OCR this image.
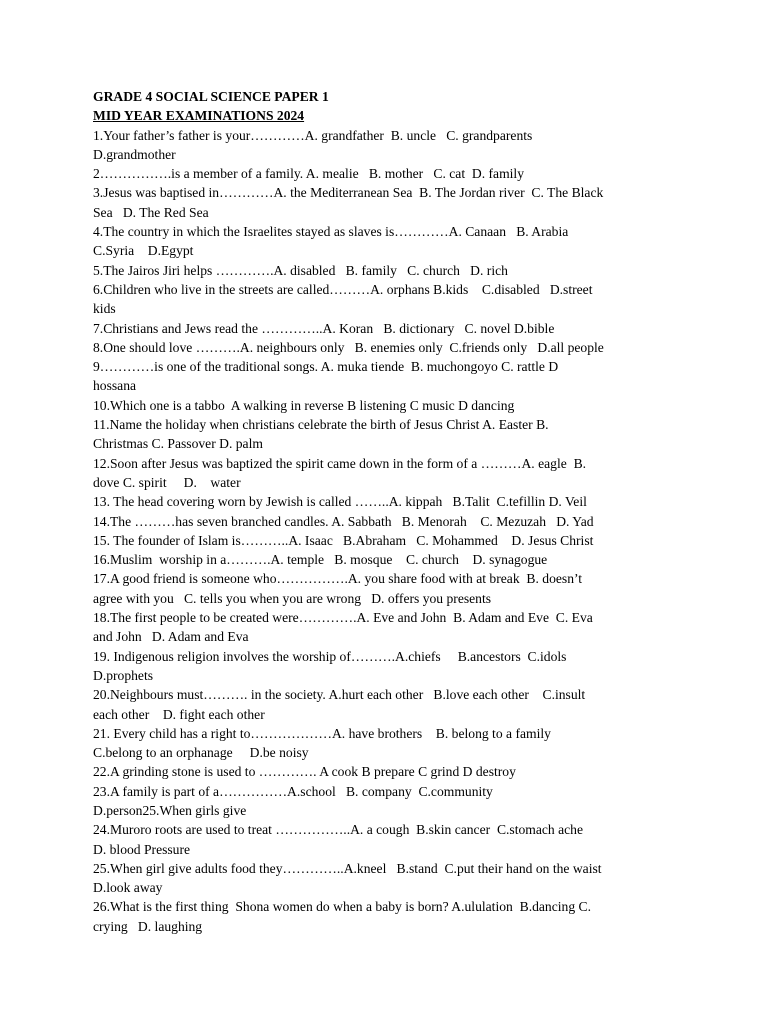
GRADE 4 SOCIAL SCIENCE PAPER 1
MID YEAR EXAMINATIONS 2024
1.Your father’s father is your…………A. grandfather  B. uncle   C. grandparents
D.grandmother
2…………….is a member of a family. A. mealie   B. mother   C. cat  D. family
3.Jesus was baptised in…………A. the Mediterranean Sea  B. The Jordan river  C. The Black
Sea   D. The Red Sea
4.The country in which the Israelites stayed as slaves is…………A. Canaan   B. Arabia
C.Syria    D.Egypt
5.The Jairos Jiri helps ………….A. disabled   B. family   C. church   D. rich
6.Children who live in the streets are called………A. orphans B.kids    C.disabled   D.street
kids
7.Christians and Jews read the …………..A. Koran   B. dictionary   C. novel D.bible
8.One should love ……….A. neighbours only   B. enemies only  C.friends only   D.all people
9…………is one of the traditional songs. A. muka tiende  B. muchongoyo C. rattle D
hossana
10.Which one is a tabbo  A walking in reverse B listening C music D dancing
11.Name the holiday when christians celebrate the birth of Jesus Christ A. Easter B.
Christmas C. Passover D. palm
12.Soon after Jesus was baptized the spirit came down in the form of a ………A. eagle  B.
dove C. spirit     D.    water
13. The head covering worn by Jewish is called ……..A. kippah   B.Talit  C.tefillin D. Veil
14.The ………has seven branched candles. A. Sabbath   B. Menorah    C. Mezuzah   D. Yad
15. The founder of Islam is………..A. Isaac   B.Abraham   C. Mohammed    D. Jesus Christ
16.Muslim  worship in a……….A. temple   B. mosque    C. church    D. synagogue
17.A good friend is someone who…………….A. you share food with at break  B. doesn’t
agree with you   C. tells you when you are wrong   D. offers you presents
18.The first people to be created were………….A. Eve and John  B. Adam and Eve  C. Eva
and John   D. Adam and Eva
19. Indigenous religion involves the worship of……….A.chiefs     B.ancestors  C.idols
D.prophets
20.Neighbours must………. in the society. A.hurt each other   B.love each other    C.insult
each other    D. fight each other
21. Every child has a right to………………A. have brothers    B. belong to a family
C.belong to an orphanage     D.be noisy
22.A grinding stone is used to …………. A cook B prepare C grind D destroy
23.A family is part of a……………A.school   B. company  C.community
D.person25.When girls give
24.Muroro roots are used to treat ……………..A. a cough  B.skin cancer  C.stomach ache
D. blood Pressure
25.When girl give adults food they…………..A.kneel   B.stand  C.put their hand on the waist
D.look away
26.What is the first thing  Shona women do when a baby is born? A.ululation  B.dancing C.
crying   D. laughing
